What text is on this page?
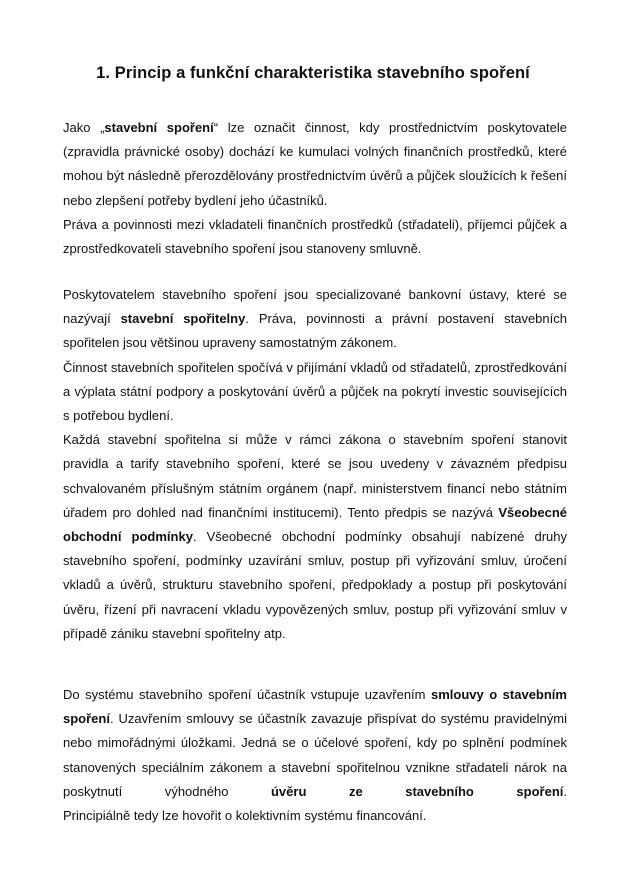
1. Princip a funkční charakteristika stavebního spoření

Jako „stavební spoření“ lze označit činnost, kdy prostřednictvím poskytovatele (zpravidla právnické osoby) dochází ke kumulaci volných finančních prostředků, které mohou být následně přerozdělovány prostřednictvím úvěrů a půjček sloužících k řešení nebo zlepšení potřeby bydlení jeho účastníků.

Práva a povinnosti mezi vkladateli finančních prostředků (střadateli), příjemci půjček a zprostředkovateli stavebního spoření jsou stanoveny smluvně.

Poskytovatelem stavebního spoření jsou specializované bankovní ústavy, které se nazývají stavební spořitelny. Práva, povinnosti a právní postavení stavebních spořitelen jsou většinou upraveny samostatným zákonem.

Činnost stavebních spořitelen spočívá v přijímání vkladů od střadatelů, zprostředkování a výplata státní podpory a poskytování úvěrů a půjček na pokrytí investic souvisejících s potřebou bydlení.

Každá stavební spořitelna si může v rámci zákona o stavebním spoření stanovit pravidla a tarify stavebního spoření, které se jsou uvedeny v závazném předpisu schvalovaném příslušným státním orgánem (např. ministerstvem financí nebo státním úřadem pro dohled nad finančními institucemi). Tento předpis se nazývá Všeobecné obchodní podmínky. Všeobecné obchodní podmínky obsahují nabízené druhy stavebního spoření, podmínky uzavírání smluv, postup při vyřizování smluv, úročení vkladů a úvěrů, strukturu stavebního spoření, předpoklady a postup při poskytování úvěru, řízení při navracení vkladu vypovězených smluv, postup při vyřizování smluv v případě zániku stavební spořitelny atp.

Do systému stavebního spoření účastník vstupuje uzavřením smlouvy o stavebním spoření. Uzavřením smlouvy se účastník zavazuje přispívat do systému pravidelnými nebo mimořádnými úložkami. Jedná se o účelové spoření, kdy po splnění podmínek stanovených speciálním zákonem a stavební spořitelnou vznikne střadateli nárok na poskytnutí výhodného úvěru ze stavebního spoření.

Principiálně tedy lze hovořit o kolektivním systému financování.
